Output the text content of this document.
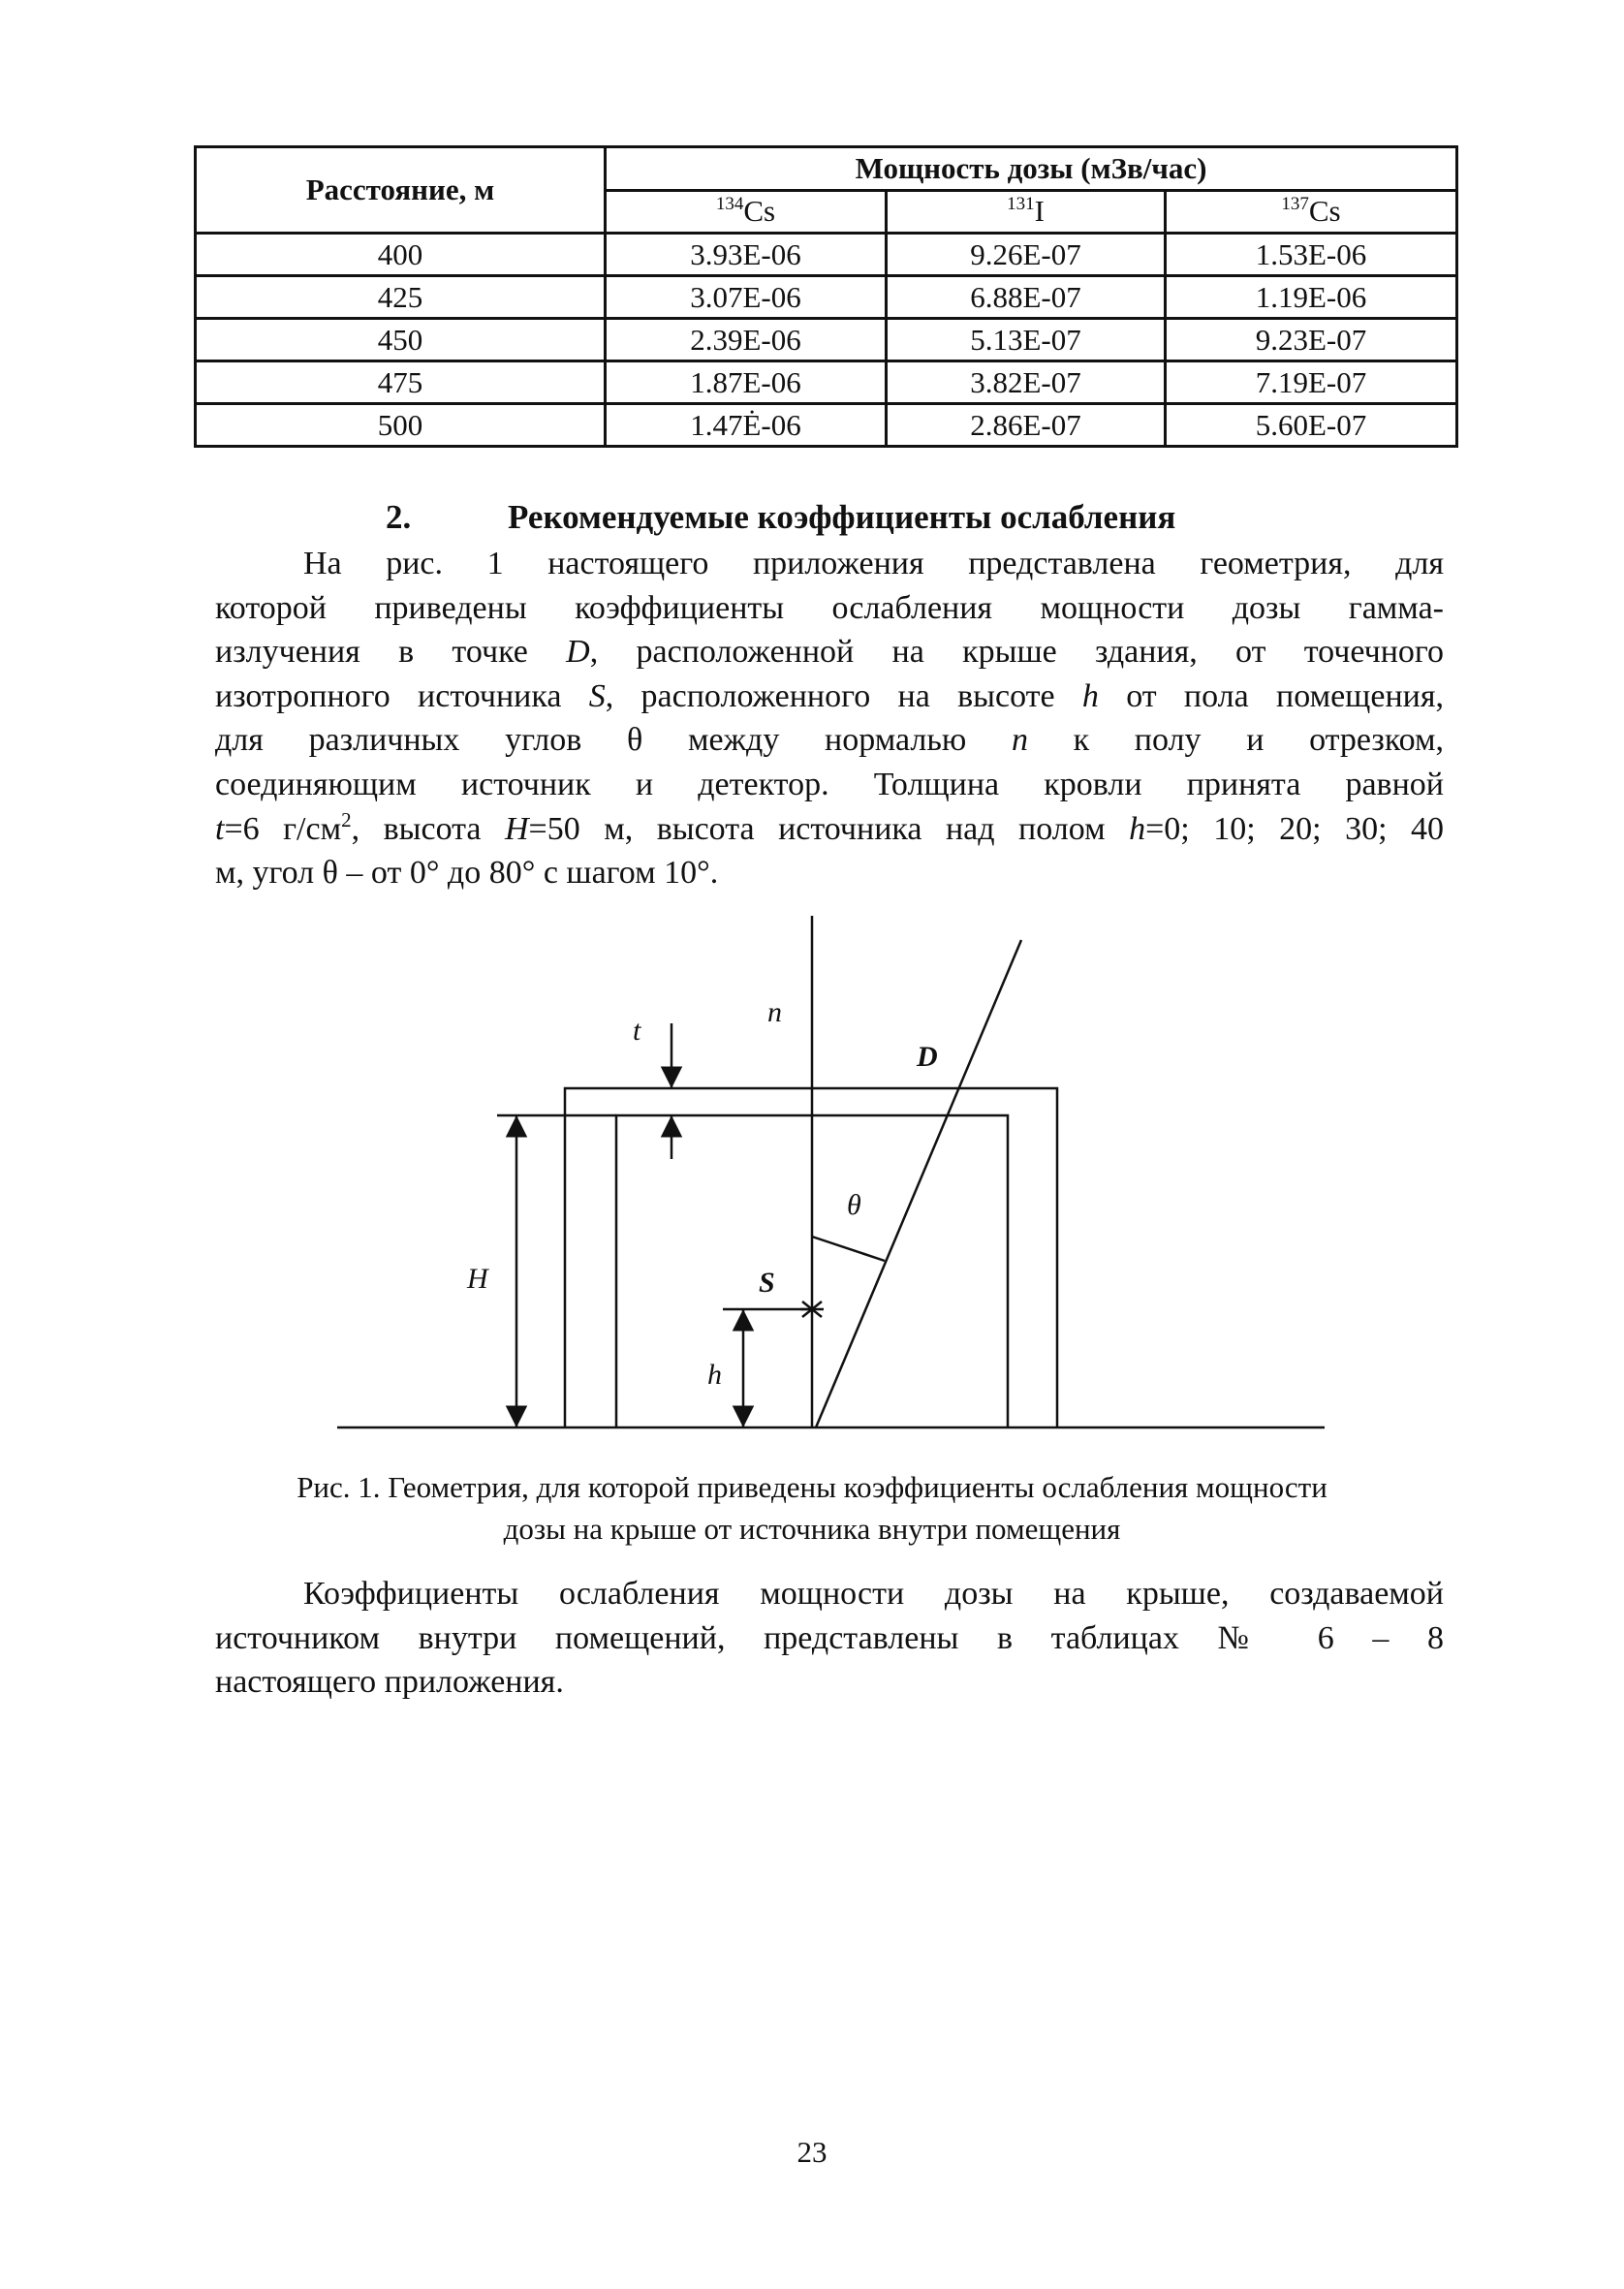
Расстояние, м	Мощность дозы (мЗв/час)		
	$^{134}$Cs	$^{131}$I	$^{137}$Cs
400	3.93E-06	9.26E-07	1.53E-06
425	3.07E-06	6.88E-07	1.19E-06
450	2.39E-06	5.13E-07	9.23E-07
475	1.87E-06	3.82E-07	7.19E-07
500	1.47Ė-06	2.86E-07	5.60E-07
2.	Рекомендуемые коэффициенты ослабления
На рис. 1 настоящего приложения представлена геометрия, для
которой приведены коэффициенты ослабления мощности дозы гамма-
излучения в точке D, расположенной на крыше здания, от точечного
изотропного источника S, расположенного на высоте h от пола помещения,
для различных углов θ между нормалью n к полу и отрезком,
соединяющим источник и детектор. Толщина кровли принята равной
t=6 $г/см^2$, высота H=50 м, высота источника над полом h=0; 10; 20; 30; 40
м, угол θ – от 0° до 80° с шагом 10°.
t
n
D
θ
H	S
h
Рис. 1. Геометрия, для которой приведены коэффициенты ослабления мощности
дозы на крыше от источника внутри помещения
Коэффициенты ослабления мощности дозы на крыше, создаваемой
источником внутри помещений, представлены в таблицах № 6 – 8
настоящего приложения.
23
